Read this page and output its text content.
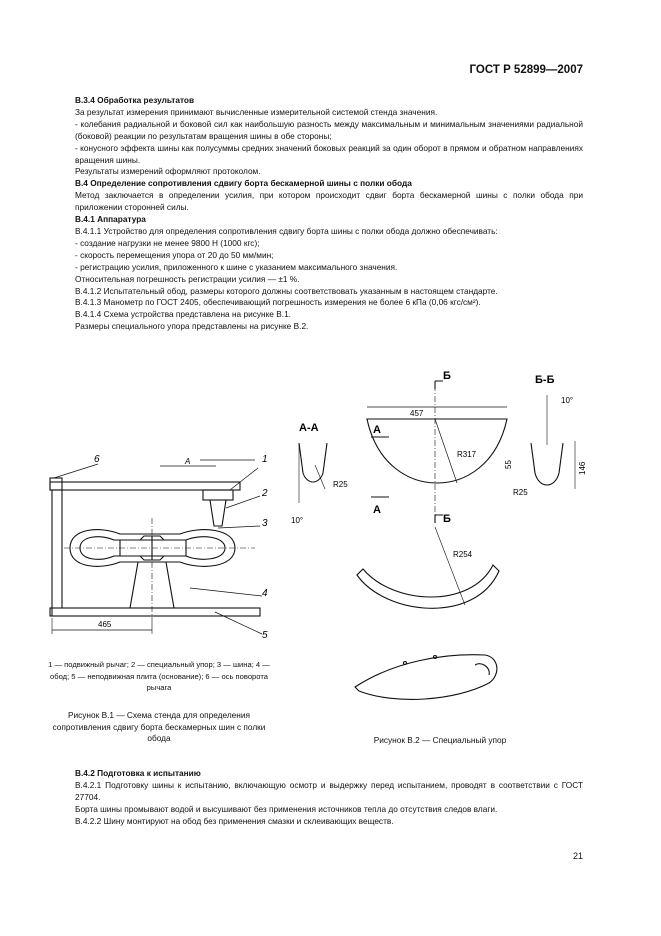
ГОСТ Р 52899—2007

В.3.4 Обработка результатов

За результат измерения принимают вычисленные измерительной системой стенда значения.

- колебания радиальной и боковой сил как наибольшую разность между максимальным и минимальным значениями радиальной (боковой) реакции по результатам вращения шины в обе стороны;

- конусного эффекта шины как полусуммы средних значений боковых реакций за один оборот в прямом и обратном направлениях вращения шины.

Результаты измерений оформляют протоколом.

В.4 Определение сопротивления сдвигу борта бескамерной шины с полки обода

Метод заключается в определении усилия, при котором происходит сдвиг борта бескамерной шины с полки обода при приложении сторонней силы.

В.4.1 Аппаратура

В.4.1.1 Устройство для определения сопротивления сдвигу борта шины с полки обода должно обеспечивать:

- создание нагрузки не менее 9800 Н (1000 кгс);

- скорость перемещения упора от 20 до 50 мм/мин;

- регистрацию усилия, приложенного к шине с указанием максимального значения.

Относительная погрешность регистрации усилия — ±1 %.

В.4.1.2 Испытательный обод, размеры которого должны соответствовать указанным в настоящем стандарте.

В.4.1.3 Манометр по ГОСТ 2405, обеспечивающий погрешность измерения не более 6 кПа (0,06 кгс/см²).

В.4.1.4 Схема устройства представлена на рисунке В.1.

Размеры специального упора представлены на рисунке В.2.

6	А	1
2
3
4
5
465
1 — подвижный рычаг; 2 — специальный упор; 3 — шина; 4 — обод; 5 — неподвижная плита (основание); 6 — ось поворота рычага
Рисунок В.1 — Схема стенда для определения сопротивления сдвигу борта бескамерных шин с полки обода
А-А
Б-Б
Б
Б
А
А
457
R317
55	146
R25
R25
10°
10°
R254
Рисунок В.2 — Специальный упор

В.4.2 Подготовка к испытанию

В.4.2.1 Подготовку шины к испытанию, включающую осмотр и выдержку перед испытанием, проводят в соответствии с ГОСТ 27704.

Борта шины промывают водой и высушивают без применения источников тепла до отсутствия следов влаги.

В.4.2.2 Шину монтируют на обод без применения смазки и склеивающих веществ.

21
